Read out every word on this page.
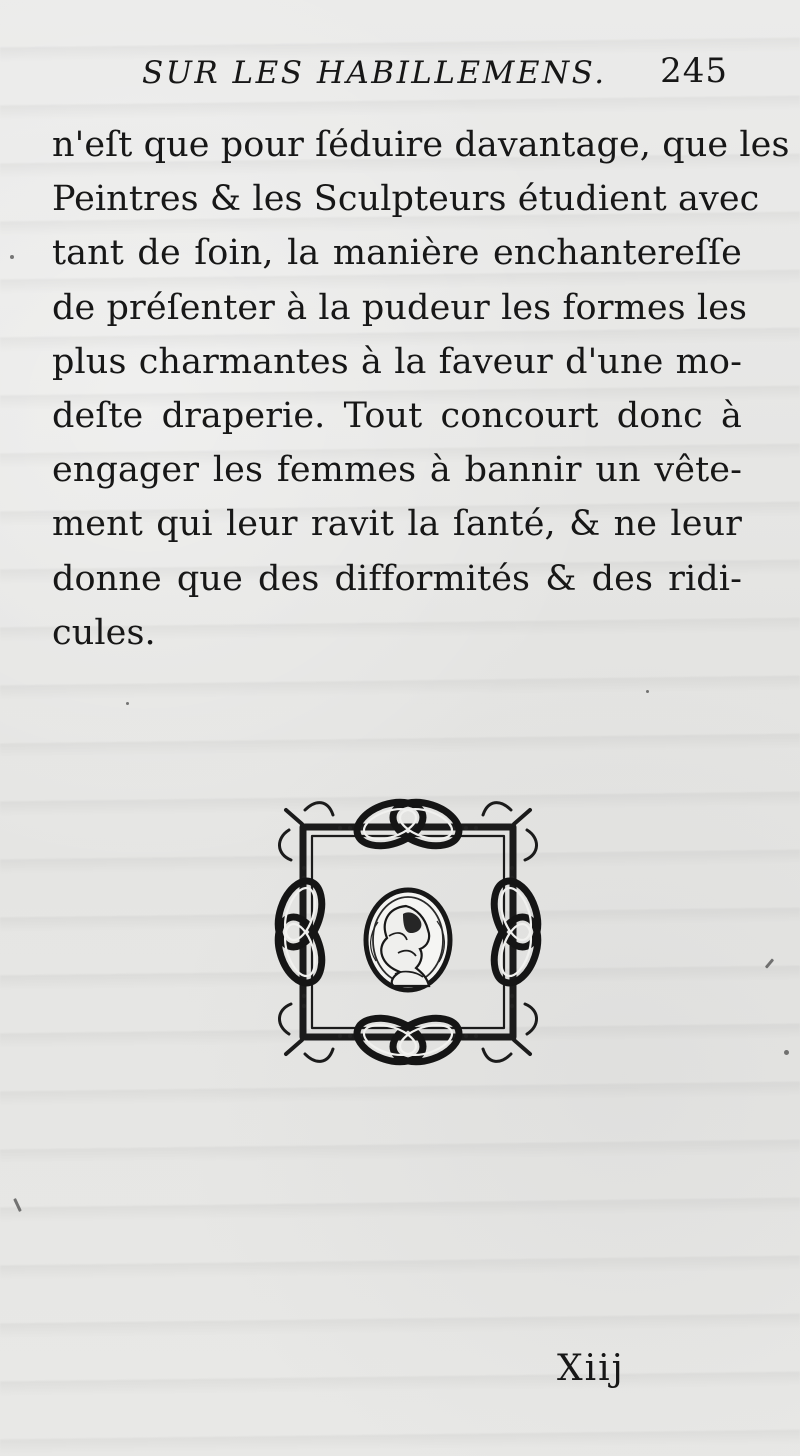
SUR LES HABILLEMENS. 245
n'eſt que pour ſéduire davantage, que les
Peintres & les Sculpteurs étudient avec
tant de ſoin, la manière enchantereſſe
de préſenter à la pudeur les formes les
plus charmantes à la faveur d'une mo-
deſte draperie. Tout concourt donc à
engager les femmes à bannir un vête-
ment qui leur ravit la ſanté, & ne leur
donne que des difformités & des ridi-
cules.
Xiij
